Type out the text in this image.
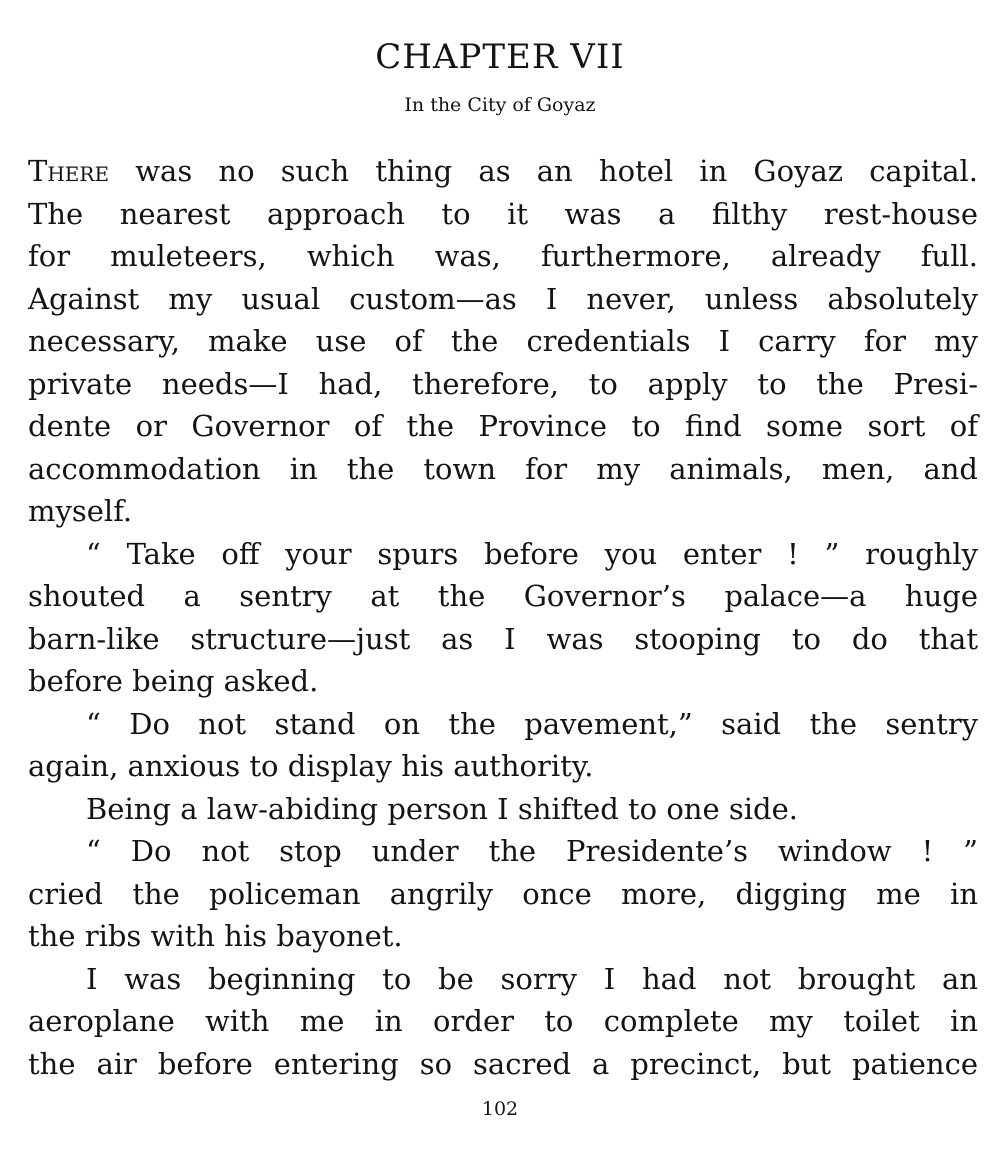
CHAPTER VII
In the City of Goyaz
There was no such thing as an hotel in Goyaz capital.
The nearest approach to it was a filthy rest-house
for muleteers, which was, furthermore, already full.
Against my usual custom—as I never, unless absolutely
necessary, make use of the credentials I carry for my
private needs—I had, therefore, to apply to the Presi-
dente or Governor of the Province to find some sort of
accommodation in the town for my animals, men, and
myself.
“ Take off your spurs before you enter ! ” roughly
shouted a sentry at the Governor’s palace—a huge
barn-like structure—just as I was stooping to do that
before being asked.
“ Do not stand on the pavement,” said the sentry
again, anxious to display his authority.
Being a law-abiding person I shifted to one side.
“ Do not stop under the Presidente’s window ! ”
cried the policeman angrily once more, digging me in
the ribs with his bayonet.
I was beginning to be sorry I had not brought an
aeroplane with me in order to complete my toilet in
the air before entering so sacred a precinct, but patience
102
